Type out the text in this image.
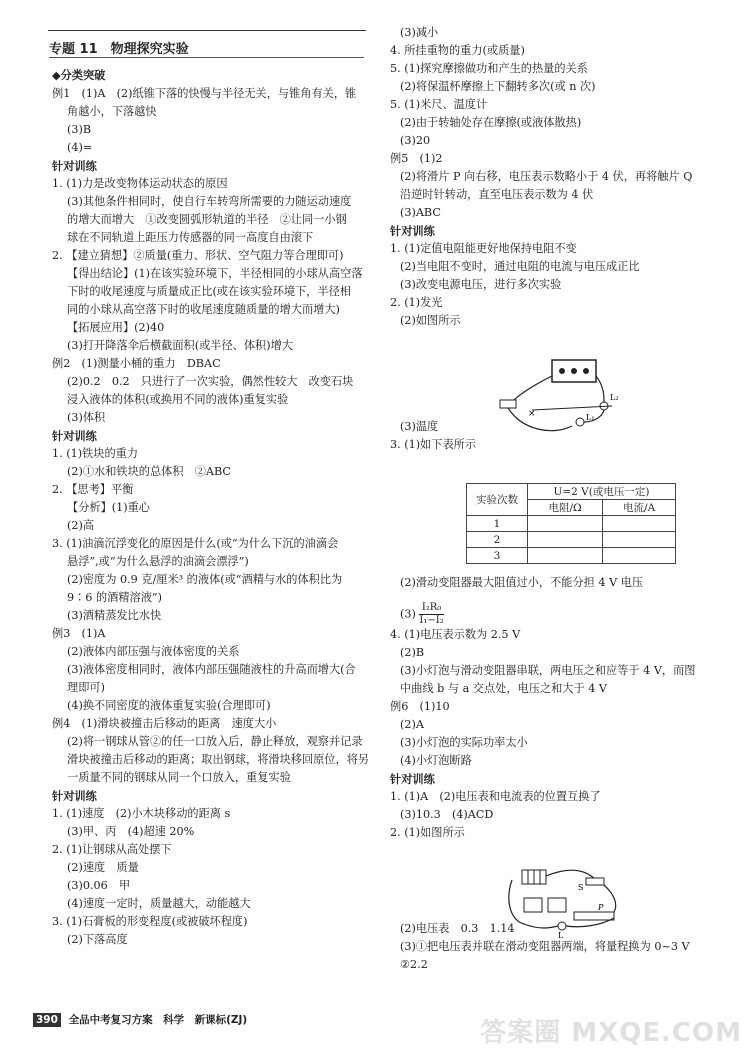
专题 11　物理探究实验
◆分类突破
例1　(1)A　(2)纸锥下落的快慢与半径无关，与锥角有关，锥
角越小，下落越快
(3)B
(4)=
针对训练
1. (1)力是改变物体运动状态的原因
(3)其他条件相同时，使自行车转弯所需要的力随运动速度
的增大而增大　①改变圆弧形轨道的半径　②让同一小钢
球在不同轨道上距压力传感器的同一高度自由滚下
2. 【建立猜想】②质量(重力、形状、空气阻力等合理即可)
【得出结论】(1)在该实验环境下，半径相同的小球从高空落
下时的收尾速度与质量成正比(或在该实验环境下，半径相
同的小球从高空落下时的收尾速度随质量的增大而增大)
【拓展应用】(2)40
(3)打开降落伞后横截面积(或半径、体积)增大
例2　(1)测量小桶的重力　DBAC
(2)0.2　0.2　只进行了一次实验，偶然性较大　改变石块
浸入液体的体积(或换用不同的液体)重复实验
(3)体积
针对训练
1. (1)铁块的重力
(2)①水和铁块的总体积　②ABC
2. 【思考】平衡
【分析】(1)重心
(2)高
3. (1)油滴沉浮变化的原因是什么(或“为什么下沉的油滴会
悬浮”,或“为什么悬浮的油滴会漂浮”)
(2)密度为 0.9 克/厘米³ 的液体(或“酒精与水的体积比为
9∶6 的酒精溶液”)
(3)酒精蒸发比水快
例3　(1)A
(2)液体内部压强与液体密度的关系
(3)液体密度相同时，液体内部压强随液柱的升高而增大(合
理即可)
(4)换不同密度的液体重复实验(合理即可)
例4　(1)滑块被撞击后移动的距离　速度大小
(2)将一钢球从管②的任一口放入后，静止释放，观察并记录
滑块被撞击后移动的距离；取出钢球，将滑块移回原位，将另
一质量不同的钢球从同一个口放入，重复实验
针对训练
1. (1)速度　(2)小木块移动的距离 s
(3)甲、丙　(4)超速 20%
2. (1)让钢球从高处摆下
(2)速度　质量
(3)0.06　甲
(4)速度一定时，质量越大，动能越大
3. (1)石膏板的形变程度(或被破坏程度)
(2)下落高度
(3)减小
4. 所挂重物的重力(或质量)
5. (1)探究摩擦做功和产生的热量的关系
(2)将保温杯摩擦上下翻转多次(或 n 次)
5. (1)米尺、温度计
(2)由于转轴处存在摩擦(或液体散热)
(3)20
例5　(1)2
(2)将滑片 P 向右移，电压表示数略小于 4 伏，再将触片 Q
沿逆时针转动，直至电压表示数为 4 伏
(3)ABC
针对训练
1. (1)定值电阻能更好地保持电阻不变
(2)当电阻不变时，通过电阻的电流与电压成正比
(3)改变电源电压，进行多次实验
2. (1)发光
(2)如图所示
(3)温度
3. (1)如下表所示
(2)滑动变阻器最大阻值过小，不能分担 4 V 电压
4. (1)电压表示数为 2.5 V
(2)B
(3)小灯泡与滑动变阻器串联，两电压之和应等于 4 V，而图
中曲线 b 与 a 交点处，电压之和大于 4 V
例6　(1)10
(2)A
(3)小灯泡的实际功率太小
(4)小灯泡断路
针对训练
1. (1)A　(2)电压表和电流表的位置互换了
(3)10.3　(4)ACD
2. (1)如图所示
(2)电压表　0.3　1.14
(3)①把电压表并联在滑动变阻器两端，将量程换为 0~3 V
②2.2
L₂
L₁
×
实验次数	U=2 V(或电压一定)	
	电阻/Ω	电流/A
1		
2		
3		
$(3) \frac{\text{I₂R₀}}{\text{I₁−I₂}}$
S
P
L
390 全品中考复习方案　科学　新课标(ZJ)	答案圈 MXQE.COM
